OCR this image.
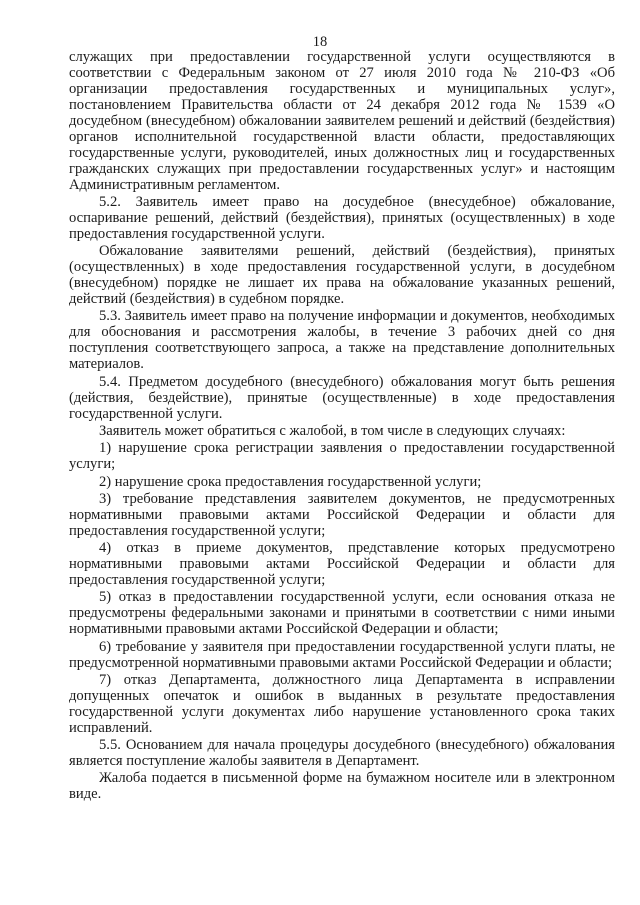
18

служащих при предоставлении государственной услуги осуществляются в соответствии с Федеральным законом от 27 июля 2010 года № 210-ФЗ «Об организации предоставления государственных и муниципальных услуг», постановлением Правительства области от 24 декабря 2012 года № 1539 «О досудебном (внесудебном) обжаловании заявителем решений и действий (бездействия) органов исполнительной государственной власти области, предоставляющих государственные услуги, руководителей, иных должностных лиц и государственных гражданских служащих при предоставлении государственных услуг» и настоящим Административным регламентом.

5.2. Заявитель имеет право на досудебное (внесудебное) обжалование, оспаривание решений, действий (бездействия), принятых (осуществленных) в ходе предоставления государственной услуги.

Обжалование заявителями решений, действий (бездействия), принятых (осуществленных) в ходе предоставления государственной услуги, в досудебном (внесудебном) порядке не лишает их права на обжалование указанных решений, действий (бездействия) в судебном порядке.

5.3. Заявитель имеет право на получение информации и документов, необходимых для обоснования и рассмотрения жалобы, в течение 3 рабочих дней со дня поступления соответствующего запроса, а также на представление дополнительных материалов.

5.4. Предметом досудебного (внесудебного) обжалования могут быть решения (действия, бездействие), принятые (осуществленные) в ходе предоставления государственной услуги.

Заявитель может обратиться с жалобой, в том числе в следующих случаях:

1) нарушение срока регистрации заявления о предоставлении государственной услуги;

2) нарушение срока предоставления государственной услуги;

3) требование представления заявителем документов, не предусмотренных нормативными правовыми актами Российской Федерации и области для предоставления государственной услуги;

4) отказ в приеме документов, представление которых предусмотрено нормативными правовыми актами Российской Федерации и области для предоставления государственной услуги;

5) отказ в предоставлении государственной услуги, если основания отказа не предусмотрены федеральными законами и принятыми в соответствии с ними иными нормативными правовыми актами Российской Федерации и области;

6) требование у заявителя при предоставлении государственной услуги платы, не предусмотренной нормативными правовыми актами Российской Федерации и области;

7) отказ Департамента, должностного лица Департамента в исправлении допущенных опечаток и ошибок в выданных в результате предоставления государственной услуги документах либо нарушение установленного срока таких исправлений.

5.5. Основанием для начала процедуры досудебного (внесудебного) обжалования является поступление жалобы заявителя в Департамент.

Жалоба подается в письменной форме на бумажном носителе или в электронном виде.
